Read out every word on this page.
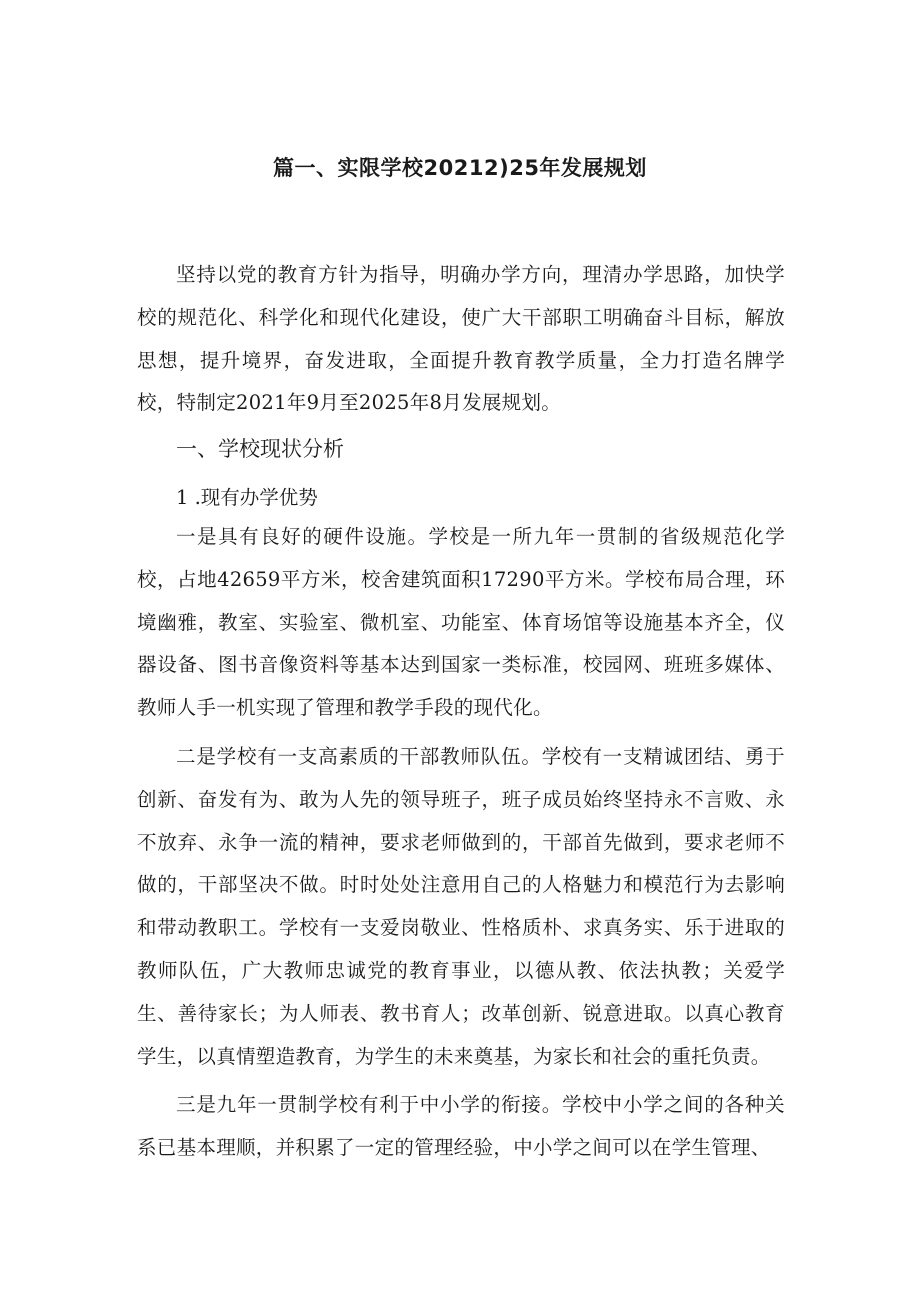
篇一、实限学校20212)25年发展规划

坚持以党的教育方针为指导，明确办学方向，理清办学思路，加快学校的规范化、科学化和现代化建设，使广大干部职工明确奋斗目标，解放思想，提升境界，奋发进取，全面提升教育教学质量，全力打造名牌学校，特制定2021年9月至2025年8月发展规划。

一、学校现状分析

1 .现有办学优势

一是具有良好的硬件设施。学校是一所九年一贯制的省级规范化学校，占地42659平方米，校舍建筑面积17290平方米。学校布局合理，环境幽雅，教室、实验室、微机室、功能室、体育场馆等设施基本齐全，仪器设备、图书音像资料等基本达到国家一类标准，校园网、班班多媒体、教师人手一机实现了管理和教学手段的现代化。

二是学校有一支高素质的干部教师队伍。学校有一支精诚团结、勇于创新、奋发有为、敢为人先的领导班子，班子成员始终坚持永不言败、永不放弃、永争一流的精神，要求老师做到的，干部首先做到，要求老师不做的，干部坚决不做。时时处处注意用自己的人格魅力和模范行为去影响和带动教职工。学校有一支爱岗敬业、性格质朴、求真务实、乐于进取的教师队伍，广大教师忠诚党的教育事业，以德从教、依法执教；关爱学生、善待家长；为人师表、教书育人；改革创新、锐意进取。以真心教育学生，以真情塑造教育，为学生的未来奠基，为家长和社会的重托负责。

三是九年一贯制学校有利于中小学的衔接。学校中小学之间的各种关系已基本理顺，并积累了一定的管理经验，中小学之间可以在学生管理、
